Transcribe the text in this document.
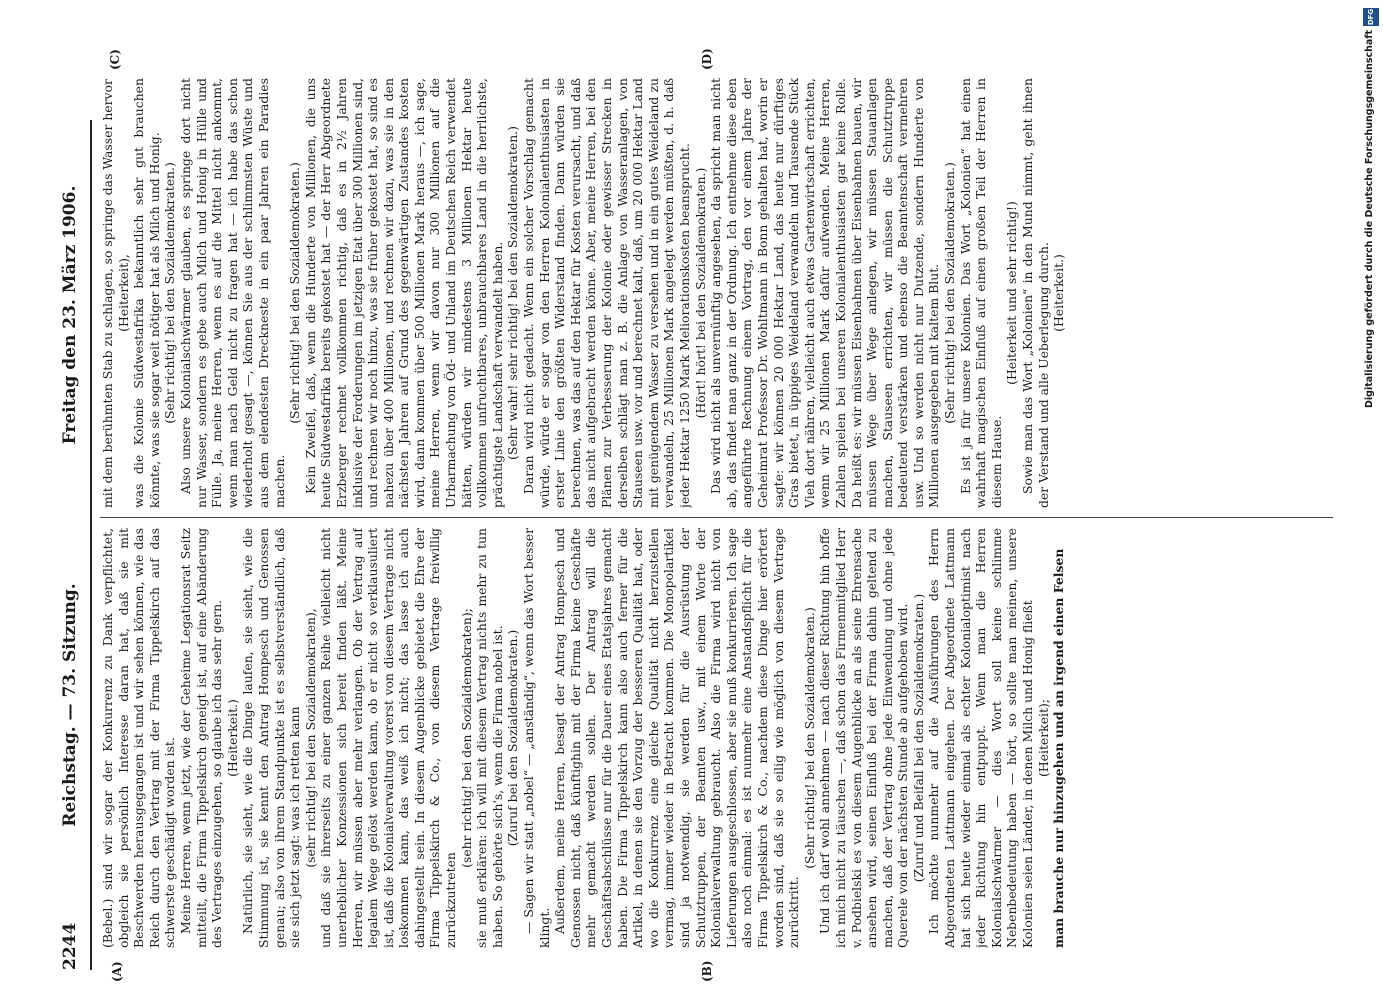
2244
Reichstag. — 73. Sitzung.
Freitag den 23. März 1906.
(A)	(B)
(C)	(D)

(Bebel.) sind wir sogar der Konkurrenz zu Dank verpflichtet, obgleich sie persönlich Interesse daran hat, daß sie mit Beschwerden herausgegangen ist und wir sehen können, wie das Reich durch den Vertrag mit der Firma Tippelskirch auf das schwerste geschädigt worden ist. Meine Herren, wenn jetzt, wie der Geheime Legationsrat Seitz mitteilt, die Firma Tippelskirch geneigt ist, auf eine Abänderung des Vertrages einzugehen, so glaube ich das sehr gern. (Heiterkeit.) Natürlich, sie sieht, wie die Dinge laufen, sie sieht, wie die Stimmung ist, sie kennt den Antrag Hompesch und Genossen genau; also von ihrem Standpunkte ist es selbstverständlich, daß sie sich jetzt sagt: was ich retten kann (sehr richtig! bei den Sozialdemokraten), und daß sie ihrerseits zu einer ganzen Reihe vielleicht nicht unerheblicher Konzessionen sich bereit finden läßt. Meine Herren, wir müssen aber mehr verlangen. Ob der Vertrag auf legalem Wege gelöst werden kann, ob er nicht so verklausuliert ist, daß die Kolonialverwaltung vorerst von diesem Vertrage nicht loskommen kann, das weiß ich nicht; das lasse ich auch dahingestellt sein. In diesem Augenblicke gebietet die Ehre der Firma Tippelskirch & Co., von diesem Vertrage freiwillig zurückzutreten

(sehr richtig! bei den Sozialdemokraten); sie muß erklären: ich will mit diesem Vertrag nichts mehr zu tun haben. So gehörte sich's, wenn die Firma nobel ist. (Zuruf bei den Sozialdemokraten.) — Sagen wir statt „nobel“ — „anständig“, wenn das Wort besser klingt. Außerdem, meine Herren, besagt der Antrag Hompesch und Genossen nicht, daß künftighin mit der Firma keine Geschäfte mehr gemacht werden sollen. Der Antrag will die Geschäftsabschlüsse nur für die Dauer eines Etatsjahres gemacht haben. Die Firma Tippelskirch kann also auch ferner für die Artikel, in denen sie den Vorzug der besseren Qualität hat, oder wo die Konkurrenz eine gleiche Qualität nicht herzustellen vermag, immer wieder in Betracht kommen. Die Monopolartikel sind ja notwendig, sie werden für die Ausrüstung der Schutztruppen, der Beamten usw., mit einem Worte der Kolonialverwaltung gebraucht. Also die Firma wird nicht von Lieferungen ausgeschlossen, aber sie muß konkurrieren. Ich sage also noch einmal: es ist nunmehr eine Anstandspflicht für die Firma Tippelskirch & Co., nachdem diese Dinge hier erörtert worden sind, daß sie so eilig wie möglich von diesem Vertrage zurücktritt.

(Sehr richtig! bei den Sozialdemokraten.) Und ich darf wohl annehmen — nach dieser Richtung hin hoffe ich mich nicht zu täuschen —, daß schon das Firmenmitglied Herr v. Podbielski es von diesem Augenblicke an als seine Ehrensache ansehen wird, seinen Einfluß bei der Firma dahin geltend zu machen, daß der Vertrag ohne jede Einwendung und ohne jede Querele von der nächsten Stunde ab aufgehoben wird. (Zuruf und Beifall bei den Sozialdemokraten.) Ich möchte nunmehr auf die Ausführungen des Herrn Abgeordneten Lattmann eingehen. Der Abgeordnete Lattmann hat sich heute wieder einmal als echter Kolonialoptimist nach jeder Richtung hin entpuppt. Wenn man die Herren Kolonialschwärmer — dies Wort soll keine schlimme Nebenbedeutung haben — hört, so sollte man meinen, unsere Kolonien seien Länder, in denen Milch und Honig fließt (Heiterkeit); man brauche nur hinzugehen und an irgend einen Felsen

mit dem berühmten Stab zu schlagen, so springe das Wasser hervor (Heiterkeit), was die Kolonie Südwestafrika bekanntlich sehr gut brauchen könnte, was sie sogar weit nötiger hat als Milch und Honig. (Sehr richtig! bei den Sozialdemokraten.) Also unsere Kolonialschwärmer glauben, es springe dort nicht nur Wasser, sondern es gebe auch Milch und Honig in Hülle und Fülle. Ja, meine Herren, wenn es auf die Mittel nicht ankommt, wenn man nach Geld nicht zu fragen hat — ich habe das schon wiederholt gesagt —, können Sie aus der schlimmsten Wüste und aus dem elendesten Dreckneste in ein paar Jahren ein Paradies machen.

(Sehr richtig! bei den Sozialdemokraten.) Kein Zweifel, daß, wenn die Hunderte von Millionen, die uns heute Südwestafrika bereits gekostet hat — der Herr Abgeordnete Erzberger rechnet vollkommen richtig, daß es in 2½ Jahren inklusive der Forderungen im jetzigen Etat über 300 Millionen sind, und rechnen wir noch hinzu, was sie früher gekostet hat, so sind es nahezu über 400 Millionen, und rechnen wir dazu, was sie in den nächsten Jahren auf Grund des gegenwärtigen Zustandes kosten wird, dann kommen über 500 Millionen Mark heraus —, ich sage, meine Herren, wenn wir davon nur 300 Millionen auf die Urbarmachung von Öd- und Unland im Deutschen Reich verwendet hätten, würden wir mindestens 3 Millionen Hektar heute vollkommen unfruchtbares, unbrauchbares Land in die herrlichste, prächtigste Landschaft verwandelt haben. (Sehr wahr! sehr richtig! bei den Sozialdemokraten.) Daran wird nicht gedacht. Wenn ein solcher Vorschlag gemacht würde, würde er sogar von den Herren Kolonialenthusiasten in erster Linie den größten Widerstand finden. Dann würden sie berechnen, was das auf den Hektar für Kosten verursacht, und daß das nicht aufgebracht werden könne. Aber, meine Herren, bei den Plänen zur Verbesserung der Kolonie oder gewisser Strecken in derselben schlägt man z. B. die Anlage von Wasseranlagen, von Stauseen usw. vor und berechnet kalt, daß, um 20 000 Hektar Land mit genügendem Wasser zu versehen und in ein gutes Weideland zu verwandeln, 25 Millionen Mark angelegt werden müßten, d. h. daß jeder Hektar 1250 Mark Meliorationskosten beansprucht. (Hört! hört! bei den Sozialdemokraten.) Das wird nicht als unvernünftig angesehen, da spricht man nicht ab, das findet man ganz in der Ordnung. Ich entnehme diese eben angeführte Rechnung einem Vortrag, den vor einem Jahre der Geheimrat Professor Dr. Wohltmann in Bonn gehalten hat, worin er sagte: wir können 20 000 Hektar Land, das heute nur dürftiges Gras bietet, in üppiges Weideland verwandeln und Tausende Stück Vieh dort nähren, vielleicht auch etwas Gartenwirtschaft errichten, wenn wir 25 Millionen Mark dafür aufwenden. Meine Herren, Zahlen spielen bei unseren Kolonialenthusiasten gar keine Rolle. Da heißt es: wir müssen Eisenbahnen über Eisenbahnen bauen, wir müssen Wege über Wege anlegen, wir müssen Stauanlagen machen, Stauseen errichten, wir müssen die Schutztruppe bedeutend verstärken und ebenso die Beamtenschaft vermehren usw. Und so werden nicht nur Dutzende, sondern Hunderte von Millionen ausgegeben mit kaltem Blut. (Sehr richtig! bei den Sozialdemokraten.) Es ist ja für unsere Kolonien. Das Wort „Kolonien“ hat einen wahrhaft magischen Einfluß auf einen großen Teil der Herren in diesem Hause.

(Heiterkeit und sehr richtig!) Sowie man das Wort „Kolonien“ in den Mund nimmt, geht ihnen der Verstand und alle Ueberlegung durch. (Heiterkeit.)

DFG
Digitalisierung gefördert durch die Deutsche Forschungsgemeinschaft
